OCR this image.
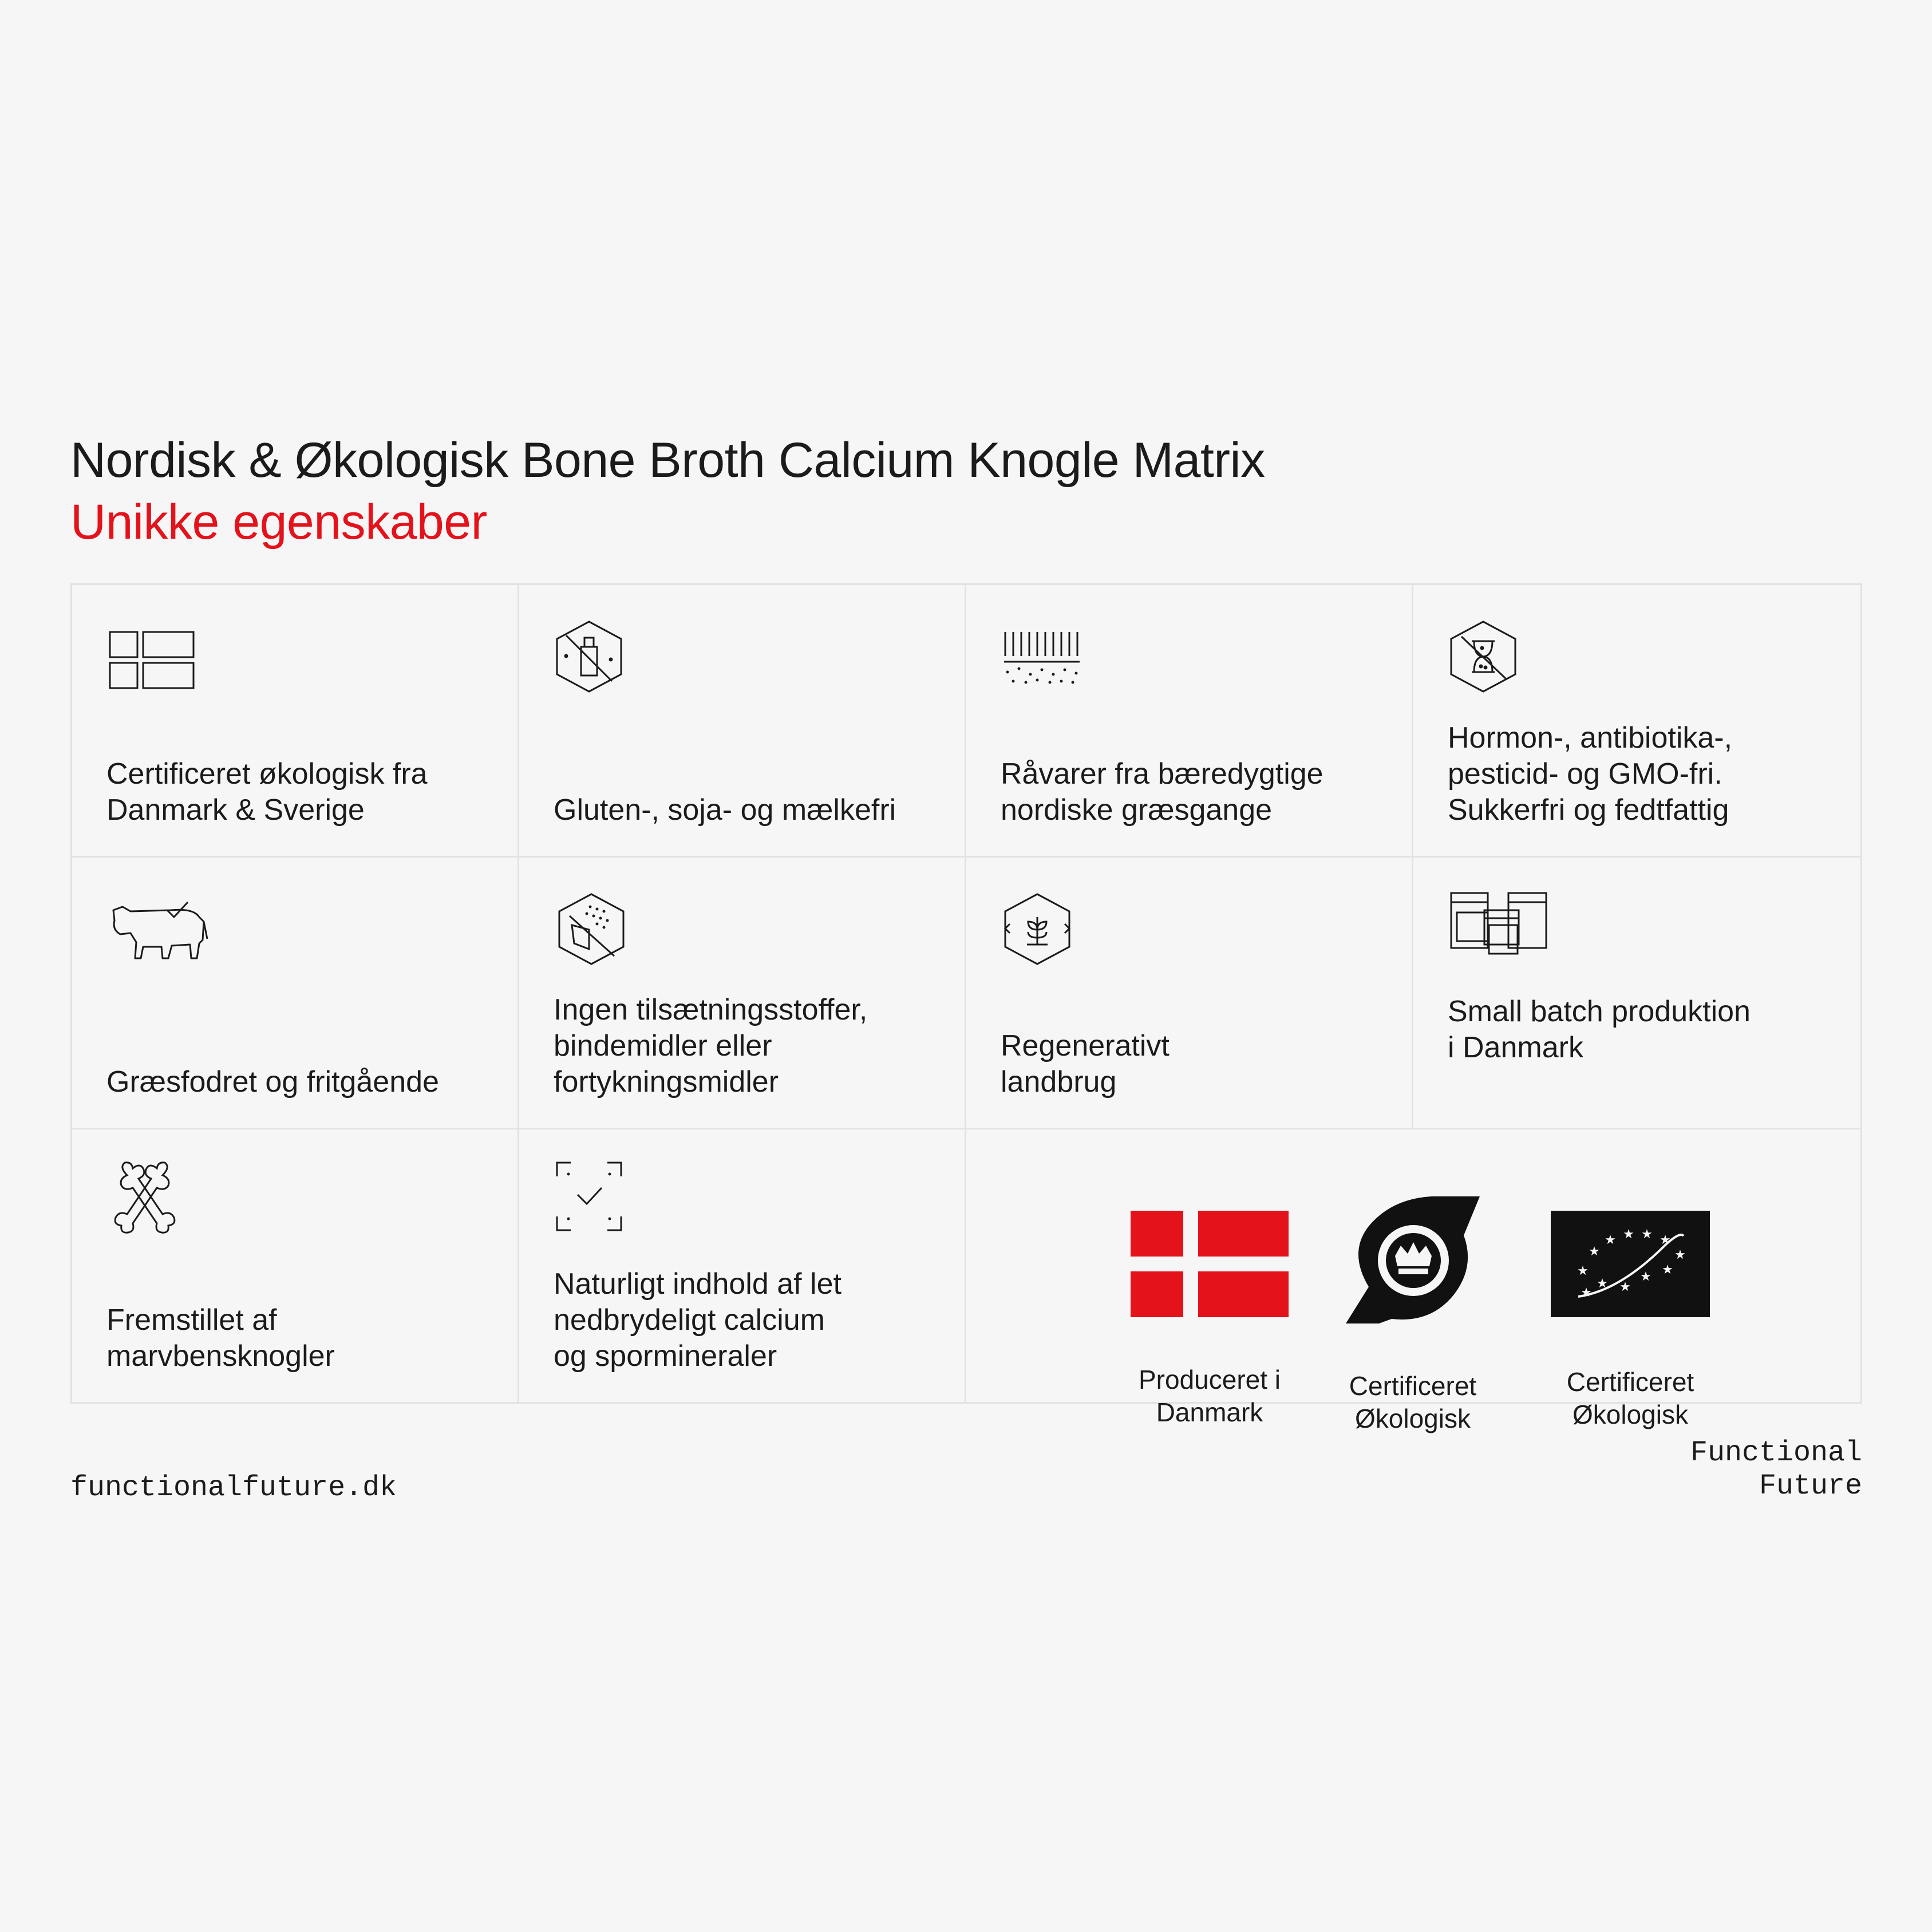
Nordisk & Økologisk Bone Broth Calcium Knogle Matrix
Unikke egenskaber
Certificeret økologisk fra
Danmark & Sverige	Gluten-, soja- og mælkefri
Råvarer fra bæredygtige
nordiske græsgange
Hormon-, antibiotika-,
pesticid- og GMO-fri.
Sukkerfri og fedtfattig
Græsfodret og fritgående
Ingen tilsætningsstoffer,
bindemidler eller
fortykningsmidler
Regenerativt
landbrug
Small batch produktion
i Danmark
Fremstillet af
marvbensknogler
Naturligt indhold af let
nedbrydeligt calcium
og spormineraler

Produceret i
Danmark

Certificeret
Økologisk

★
★ ★ ★ ★
★
★
★
★ ★
★ ★

Certificeret
Økologisk

functionalfuture.dk
Functional
Future
